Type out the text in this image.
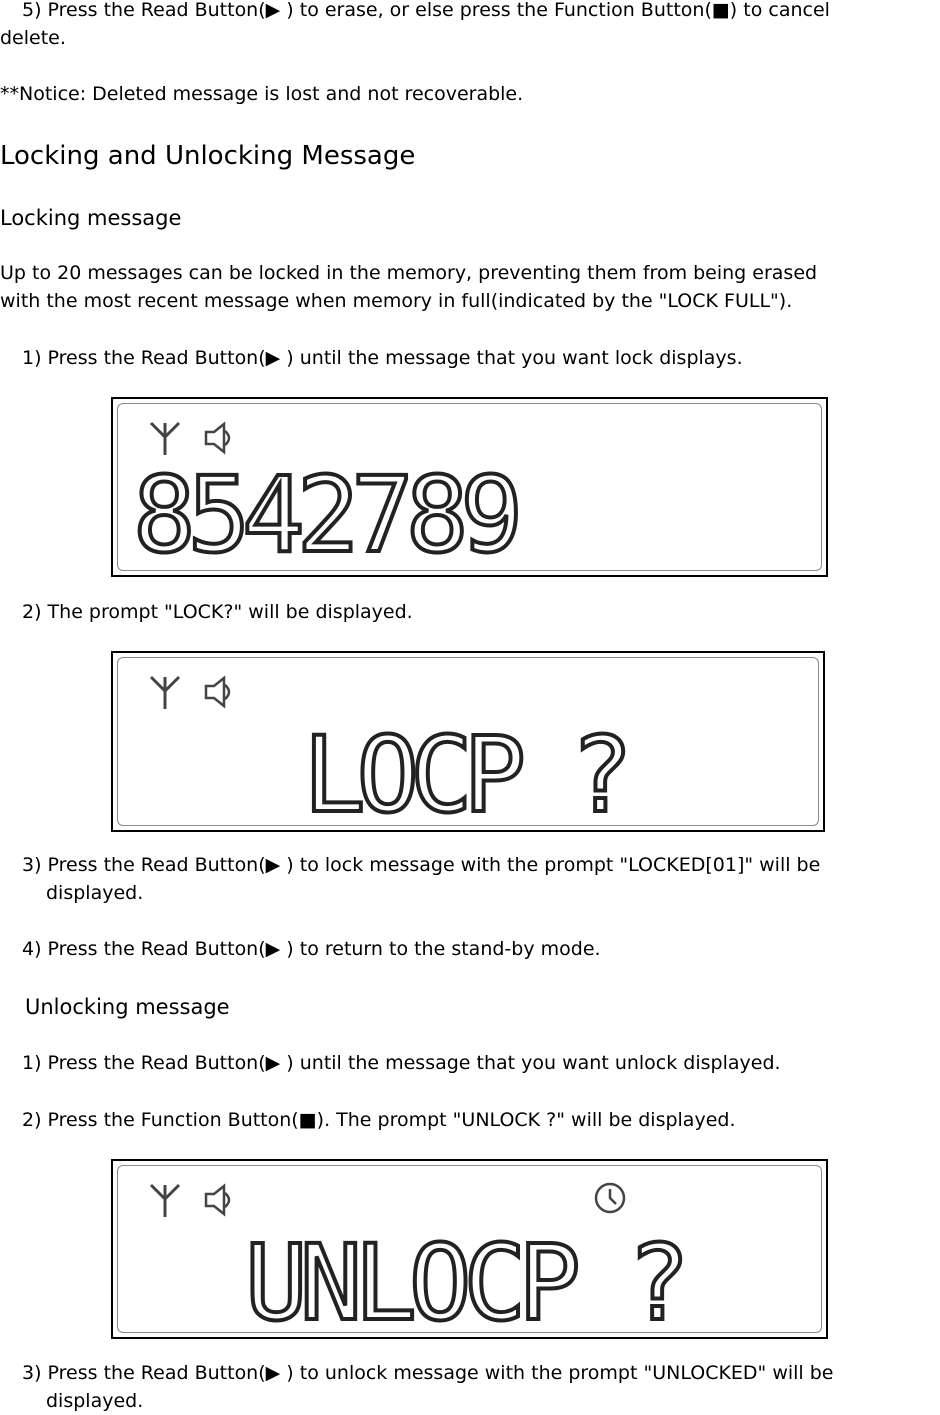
5) Press the Read Button(▶ ) to erase, or else press the Function Button(■) to cancel
delete.
**Notice: Deleted message is lost and not recoverable.
Locking and Unlocking Message
Locking message
Up to 20 messages can be locked in the memory, preventing them from being erased
with the most recent message when memory in full(indicated by the "LOCK FULL").
1) Press the Read Button(▶ ) until the message that you want lock displays.
8542789
2) The prompt "LOCK?" will be displayed.
LOCP ?
3) Press the Read Button(▶ ) to lock message with the prompt "LOCKED[01]" will be
displayed.
4) Press the Read Button(▶ ) to return to the stand-by mode.
Unlocking message
1) Press the Read Button(▶ ) until the message that you want unlock displayed.
2) Press the Function Button(■). The prompt "UNLOCK ?" will be displayed.
UNLOCP ?
3) Press the Read Button(▶ ) to unlock message with the prompt "UNLOCKED" will be
displayed.
